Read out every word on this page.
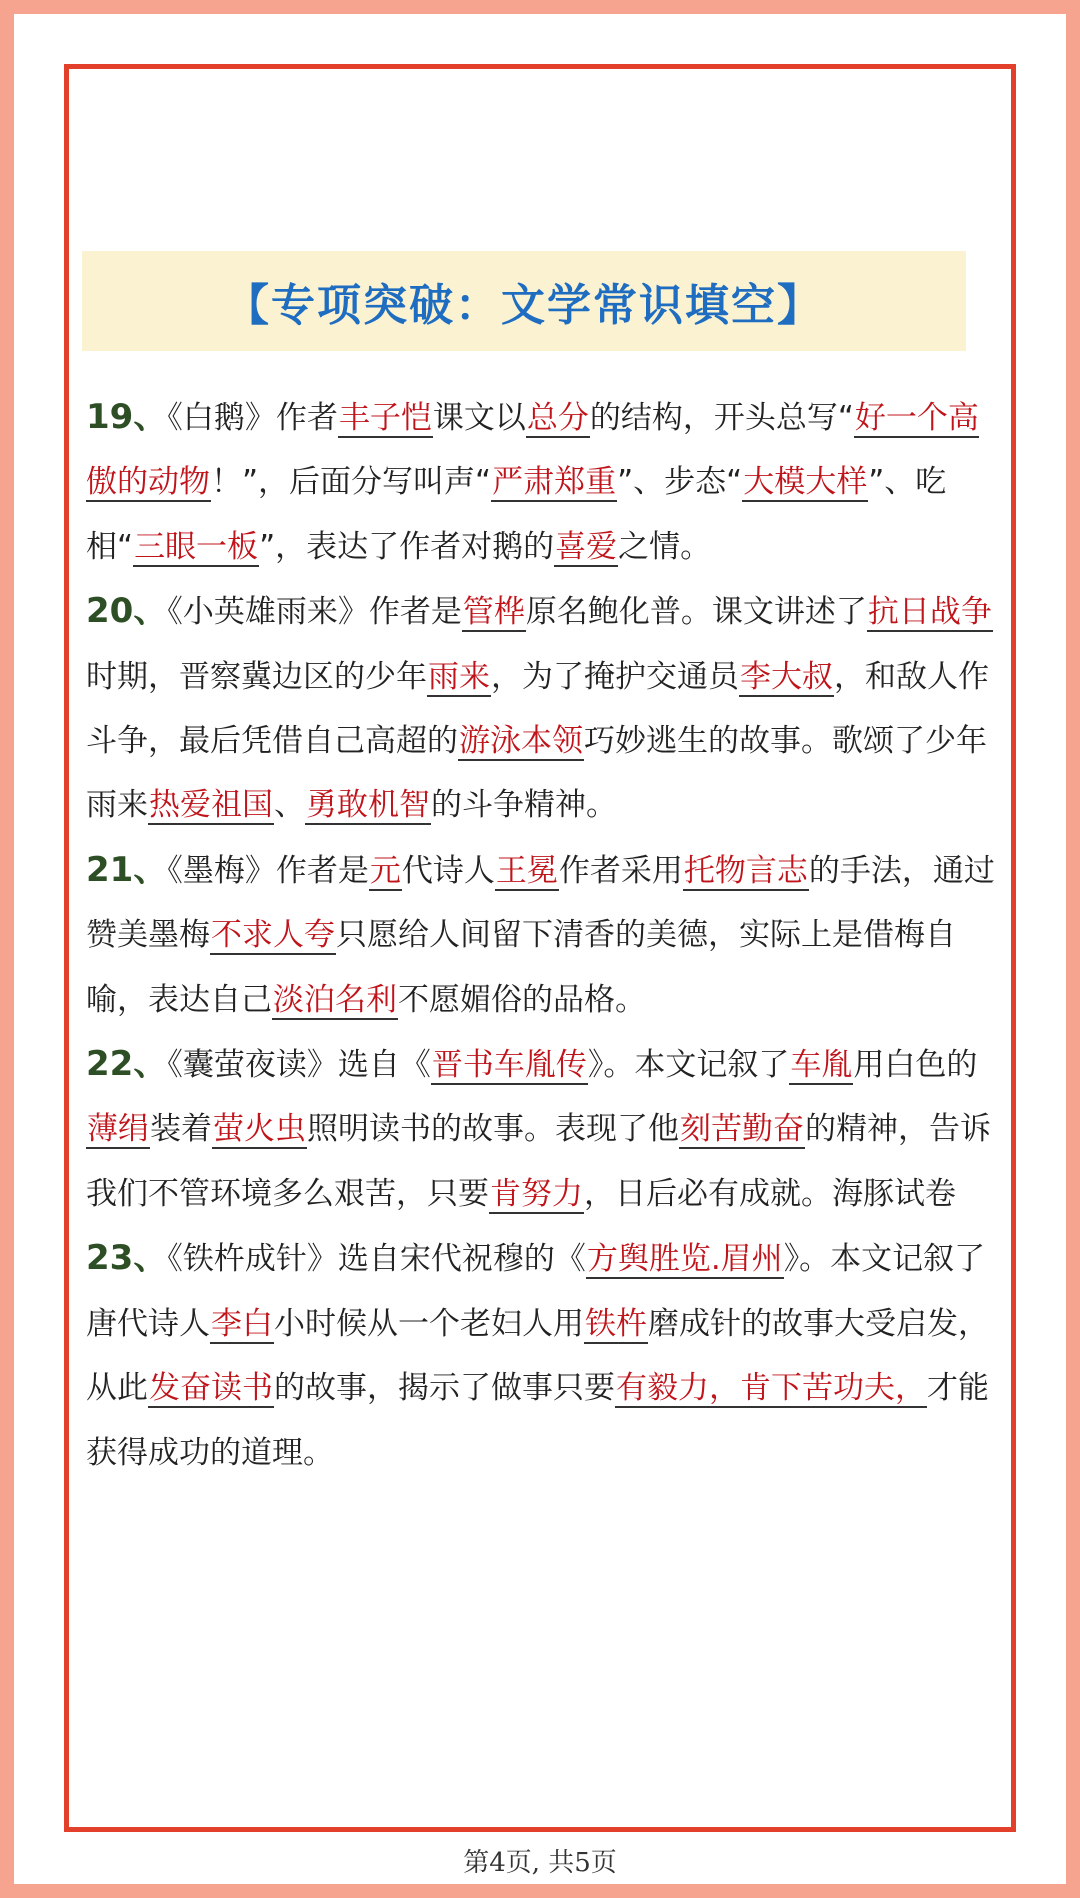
【专项突破：文学常识填空】

19、《白鹅》作者丰子恺课文以总分的结构，开头总写“好一个高傲的动物！”，后面分写叫声“严肃郑重”、步态“大模大样”、吃相“三眼一板”，表达了作者对鹅的喜爱之情。

20、《小英雄雨来》作者是管桦原名鲍化普。课文讲述了抗日战争时期，晋察冀边区的少年雨来，为了掩护交通员李大叔，和敌人作斗争，最后凭借自己高超的游泳本领巧妙逃生的故事。歌颂了少年雨来热爱祖国、勇敢机智的斗争精神。

21、《墨梅》作者是元代诗人王冕作者采用托物言志的手法，通过赞美墨梅不求人夸只愿给人间留下清香的美德，实际上是借梅自喻，表达自己淡泊名利不愿媚俗的品格。

22、《囊萤夜读》选自《晋书车胤传》。本文记叙了车胤用白色的薄绢装着萤火虫照明读书的故事。表现了他刻苦勤奋的精神，告诉我们不管环境多么艰苦，只要肯努力，日后必有成就。海豚试卷

23、《铁杵成针》选自宋代祝穆的《方舆胜览.眉州》。本文记叙了唐代诗人李白小时候从一个老妇人用铁杵磨成针的故事大受启发，从此发奋读书的故事，揭示了做事只要有毅力，肯下苦功夫，才能获得成功的道理。

第4页, 共5页
